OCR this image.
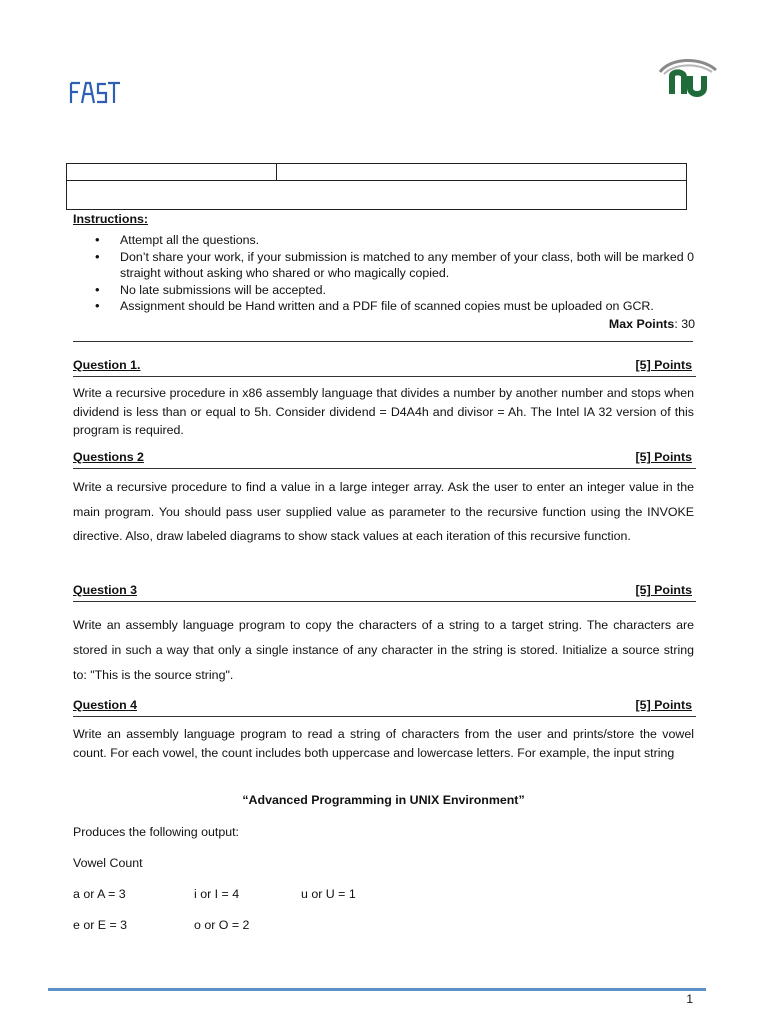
Instructions:
• Attempt all the questions.
• Don’t share your work, if your submission is matched to any member of your class, both will be marked 0 straight without asking who shared or who magically copied.
• No late submissions will be accepted.
• Assignment should be Hand written and a PDF file of scanned copies must be uploaded on GCR.
Max Points: 30
Question 1.	[5] Points
Write a recursive procedure in x86 assembly language that divides a number by another number and stops when dividend is less than or equal to 5h. Consider dividend = D4A4h and divisor = Ah. The Intel IA 32 version of this program is required.
Questions 2	[5] Points
Write a recursive procedure to find a value in a large integer array. Ask the user to enter an integer value in the main program. You should pass user supplied value as parameter to the recursive function using the INVOKE directive. Also, draw labeled diagrams to show stack values at each iteration of this recursive function.
Question 3	[5] Points
Write an assembly language program to copy the characters of a string to a target string. The characters are stored in such a way that only a single instance of any character in the string is stored. Initialize a source string to: "This is the source string".
Question 4	[5] Points
Write an assembly language program to read a string of characters from the user and prints/store the vowel count. For each vowel, the count includes both uppercase and lowercase letters. For example, the input string
“Advanced Programming in UNIX Environment”
Produces the following output:
Vowel Count
a or A = 3	i or I = 4	u or U = 1
e or E = 3	o or O = 2
1
